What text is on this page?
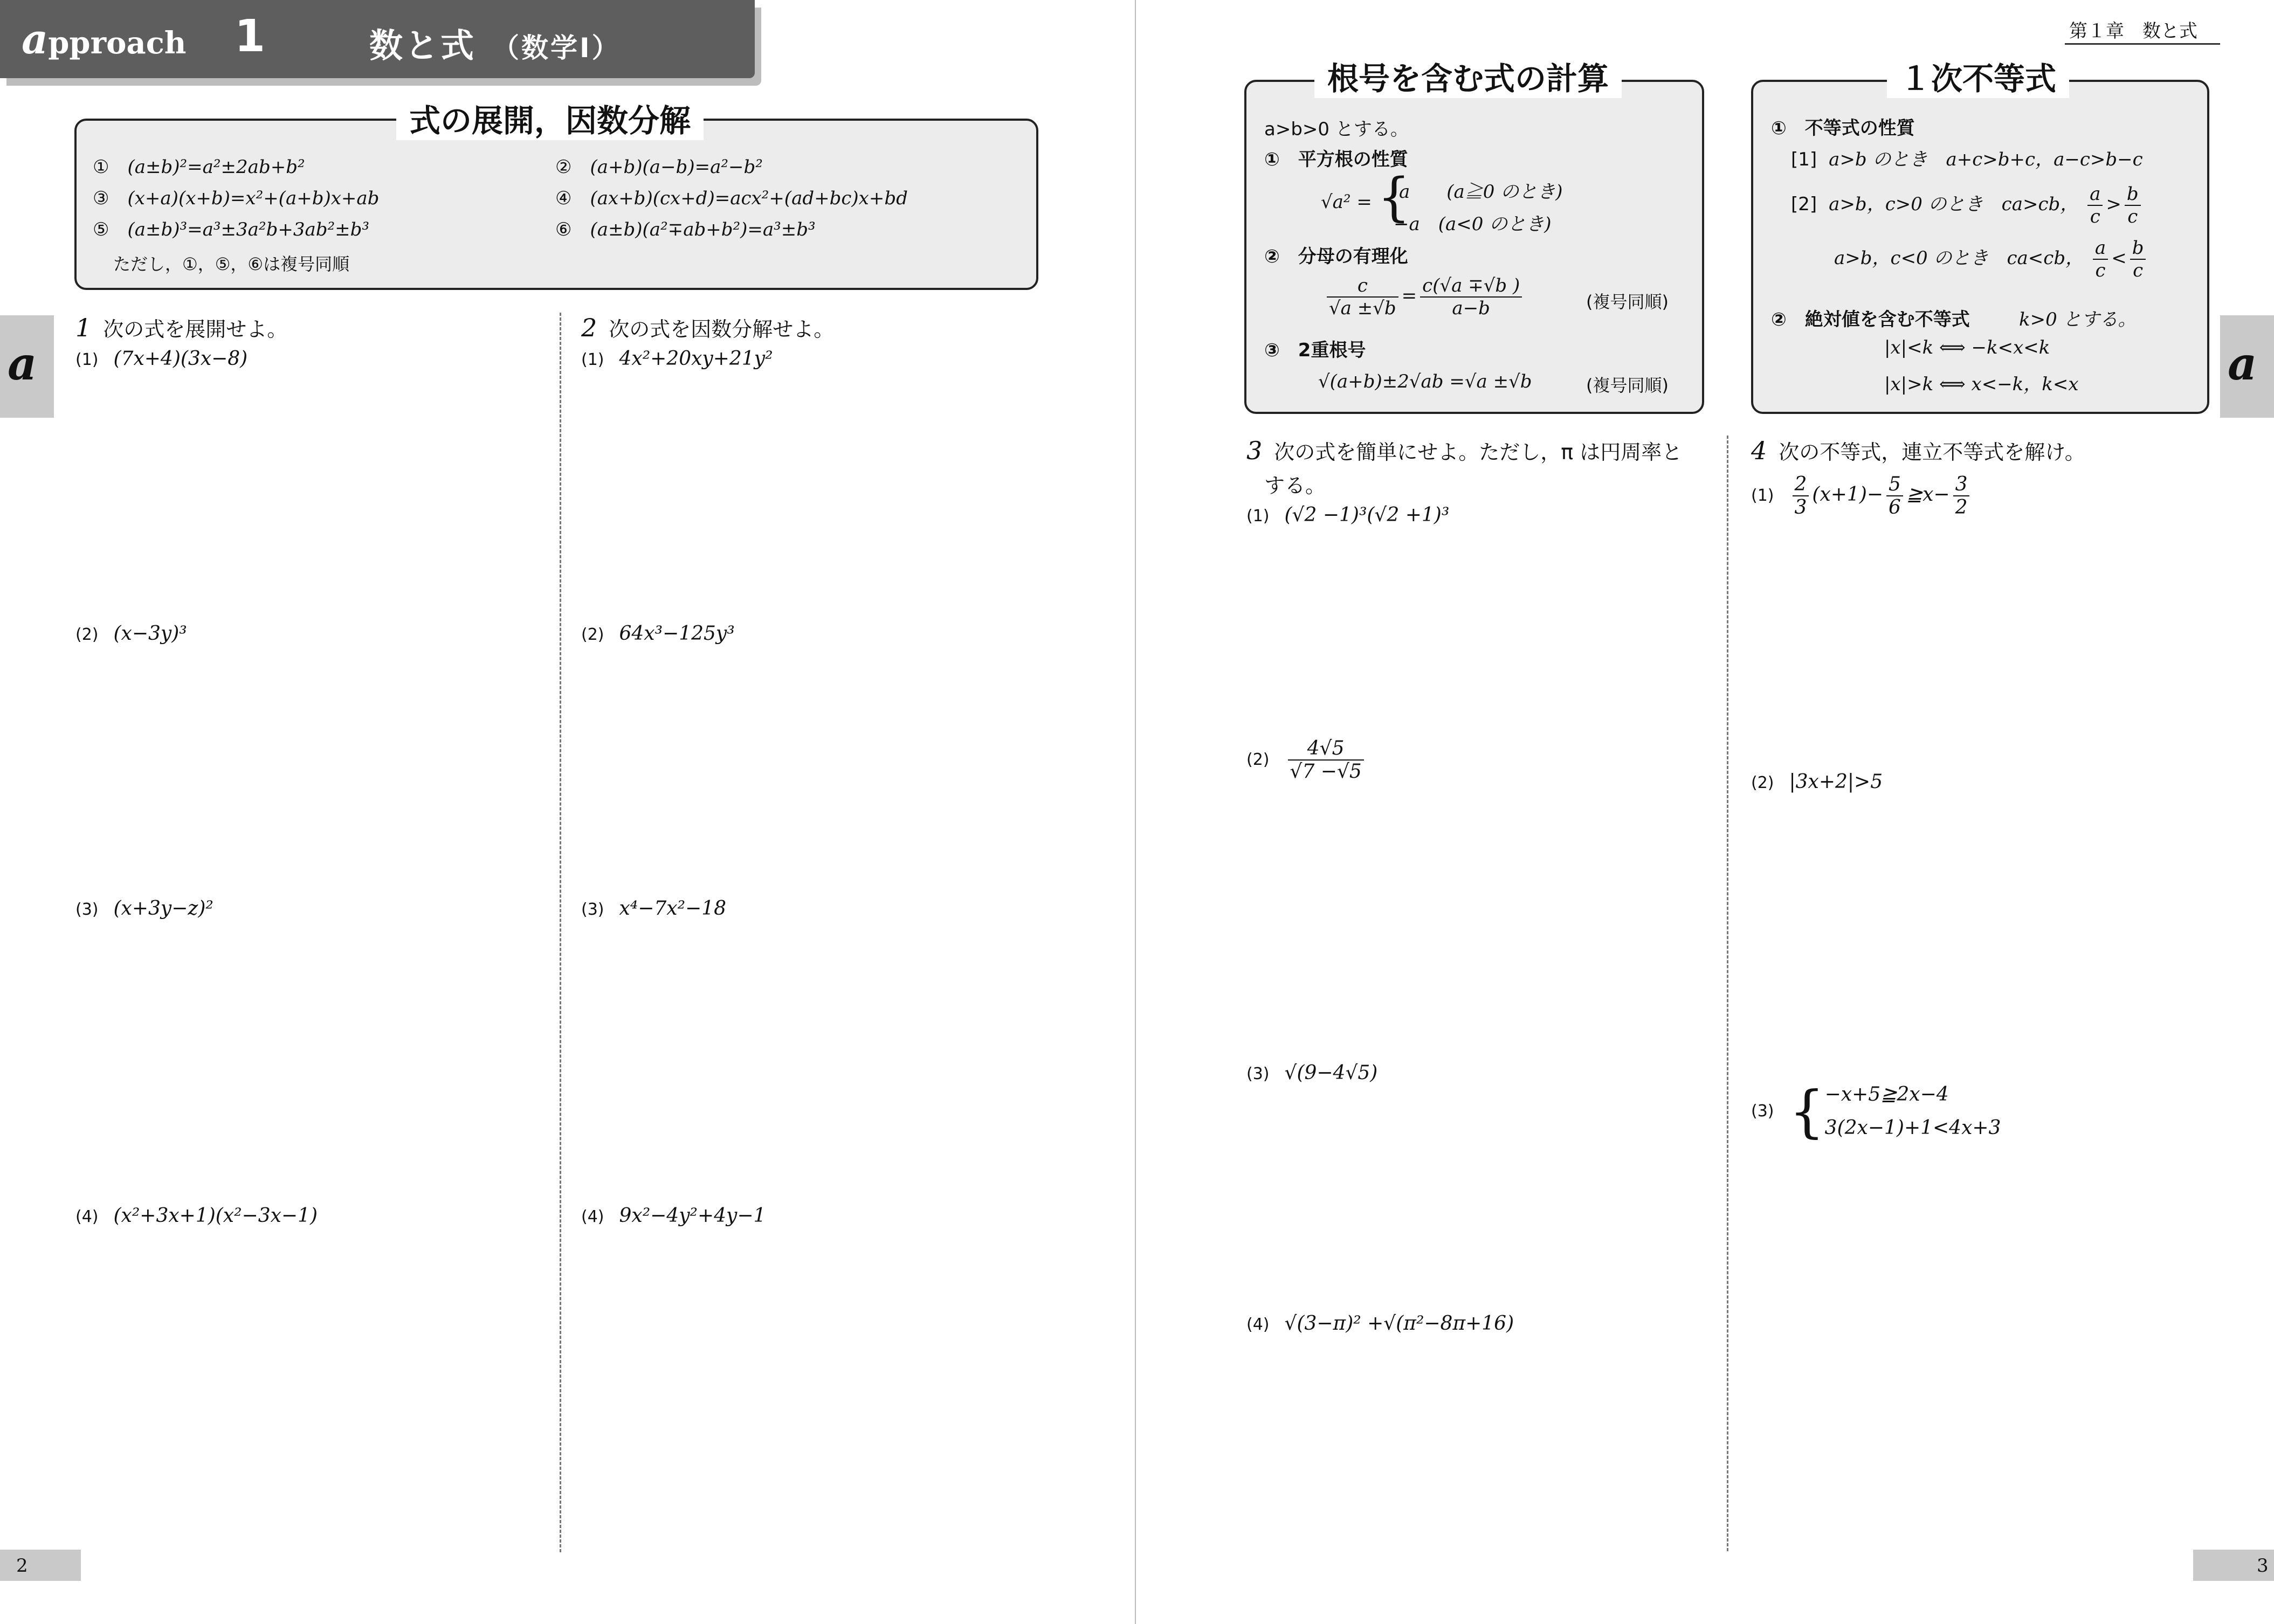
approach 1	数と式 （数学Ⅰ）
式の展開，因数分解
① (a±b)²=a²±2ab+b²	② (a+b)(a−b)=a²−b²
③ (x+a)(x+b)=x²+(a+b)x+ab	④ (ax+b)(cx+d)=acx²+(ad+bc)x+bd
⑤ (a±b)³=a³±3a²b+3ab²±b³	⑥ (a±b)(a²∓ab+b²)=a³±b³
ただし，①，⑤，⑥は複号同順
1 次の式を展開せよ。
(1) (7x+4)(3x−8)
(2) (x−3y)³
(3) (x+3y−z)²
(4) (x²+3x+1)(x²−3x−1)
2 次の式を因数分解せよ。
(1) 4x²+20xy+21y²
(2) 64x³−125y³
(3) x⁴−7x²−18
(4) 9x²−4y²+4y−1
a
2
第１章　数と式
根号を含む式の計算
a>b>0 とする。
①　平方根の性質
√a² = {
a　　(a≧0 のとき)
−a　(a<0 のとき)
②　分母の有理化
$\frac{c}{√a \pm√b} = \frac{c(√a \mp√b )}{a-b}$	(複号同順)
③　2重根号
√(a+b)±2√ab =√a ±√b	(複号同順)
１次不等式
①　不等式の性質
[1] a>b のとき　a+c>b+c，a−c>b−c
[2] a>b，c>0 のとき　ca>cb， $\frac{a}{c} > \frac{b}{c}$
a>b，c<0 のとき　ca<cb， $\frac{a}{c} < \frac{b}{c}$
②　絶対値を含む不等式	k>0 とする。
|x|<k ⟺ −k<x<k
|x|>k ⟺ x<−k，k<x
3 次の式を簡単にせよ。ただし，π は円周率と
する。
(1) (√2 −1)³(√2 +1)³
$(2) \frac{4√5}{√7 -√5}$
(3) √(9−4√5)
(4) √(3−π)² +√(π²−8π+16)
4 次の不等式，連立不等式を解け。
$(1) \frac{2}{3} (x+1)- \frac{5}{6}$ ≧x− $\frac{3}{2}$
(2) |3x+2|>5
(3) {−x+5≧2x−4
3(2x−1)+1<4x+3
a
3
